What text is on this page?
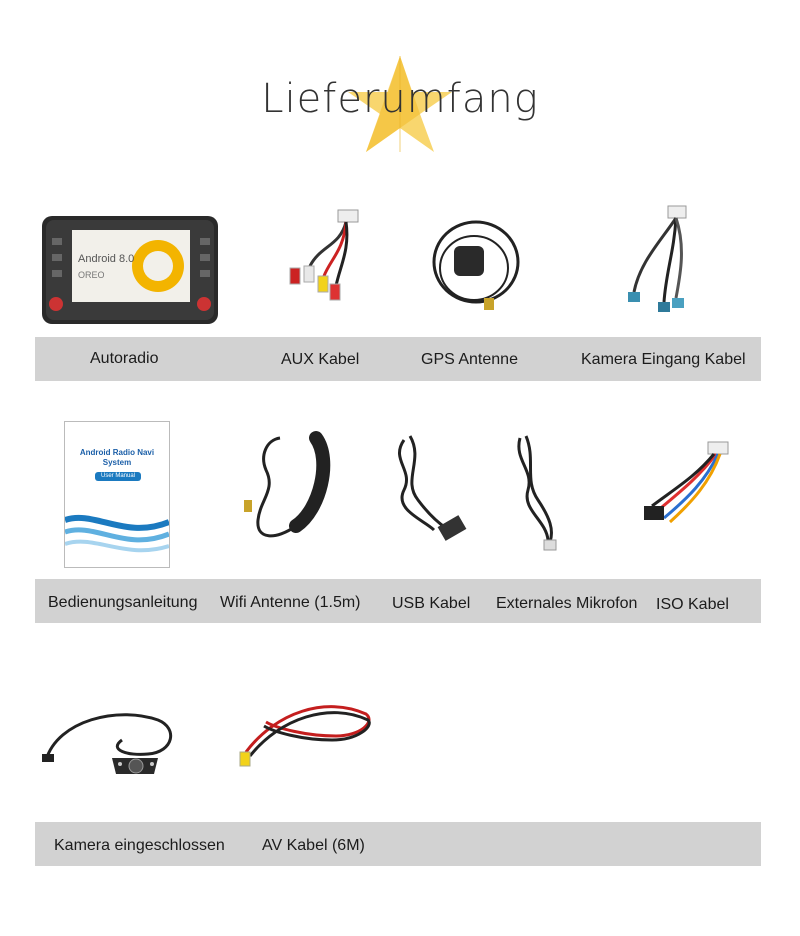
Lieferumfang
Android 8.0
OREO
Autoradio	AUX Kabel	GPS Antenne	Kamera Eingang Kabel
Android Radio Navi System
User Manual
Bedienungsanleitung Wifi Antenne (1.5m) USB Kabel Externales Mikrofon ISO Kabel
Kamera eingeschlossen AV Kabel (6M)
